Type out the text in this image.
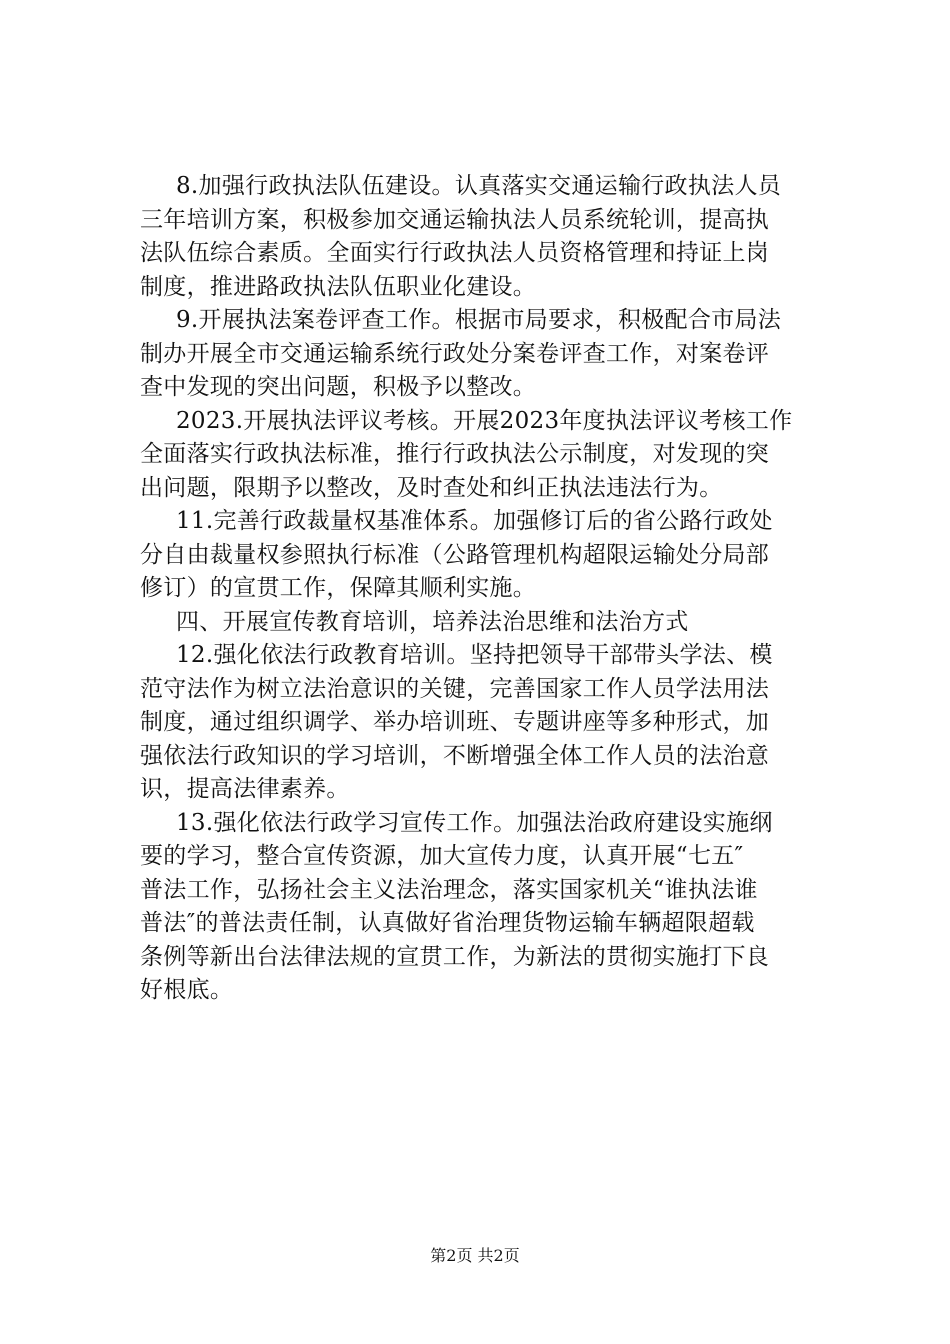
8.加强行政执法队伍建设。认真落实交通运输行政执法人员
三年培训方案，积极参加交通运输执法人员系统轮训，提高执
法队伍综合素质。全面实行行政执法人员资格管理和持证上岗
制度，推进路政执法队伍职业化建设。
9.开展执法案卷评查工作。根据市局要求，积极配合市局法
制办开展全市交通运输系统行政处分案卷评查工作，对案卷评
查中发现的突出问题，积极予以整改。
2023.开展执法评议考核。开展2023年度执法评议考核工作
全面落实行政执法标准，推行行政执法公示制度，对发现的突
出问题，限期予以整改，及时查处和纠正执法违法行为。
11.完善行政裁量权基准体系。加强修订后的省公路行政处
分自由裁量权参照执行标准（公路管理机构超限运输处分局部
修订）的宣贯工作，保障其顺利实施。
四、开展宣传教育培训，培养法治思维和法治方式
12.强化依法行政教育培训。坚持把领导干部带头学法、模
范守法作为树立法治意识的关键，完善国家工作人员学法用法
制度，通过组织调学、举办培训班、专题讲座等多种形式，加
强依法行政知识的学习培训，不断增强全体工作人员的法治意
识，提高法律素养。
13.强化依法行政学习宣传工作。加强法治政府建设实施纲
要的学习，整合宣传资源，加大宣传力度，认真开展“七五″
普法工作，弘扬社会主义法治理念，落实国家机关“谁执法谁
普法″的普法责任制，认真做好省治理货物运输车辆超限超载
条例等新出台法律法规的宣贯工作，为新法的贯彻实施打下良
好根底。
第2页 共2页
